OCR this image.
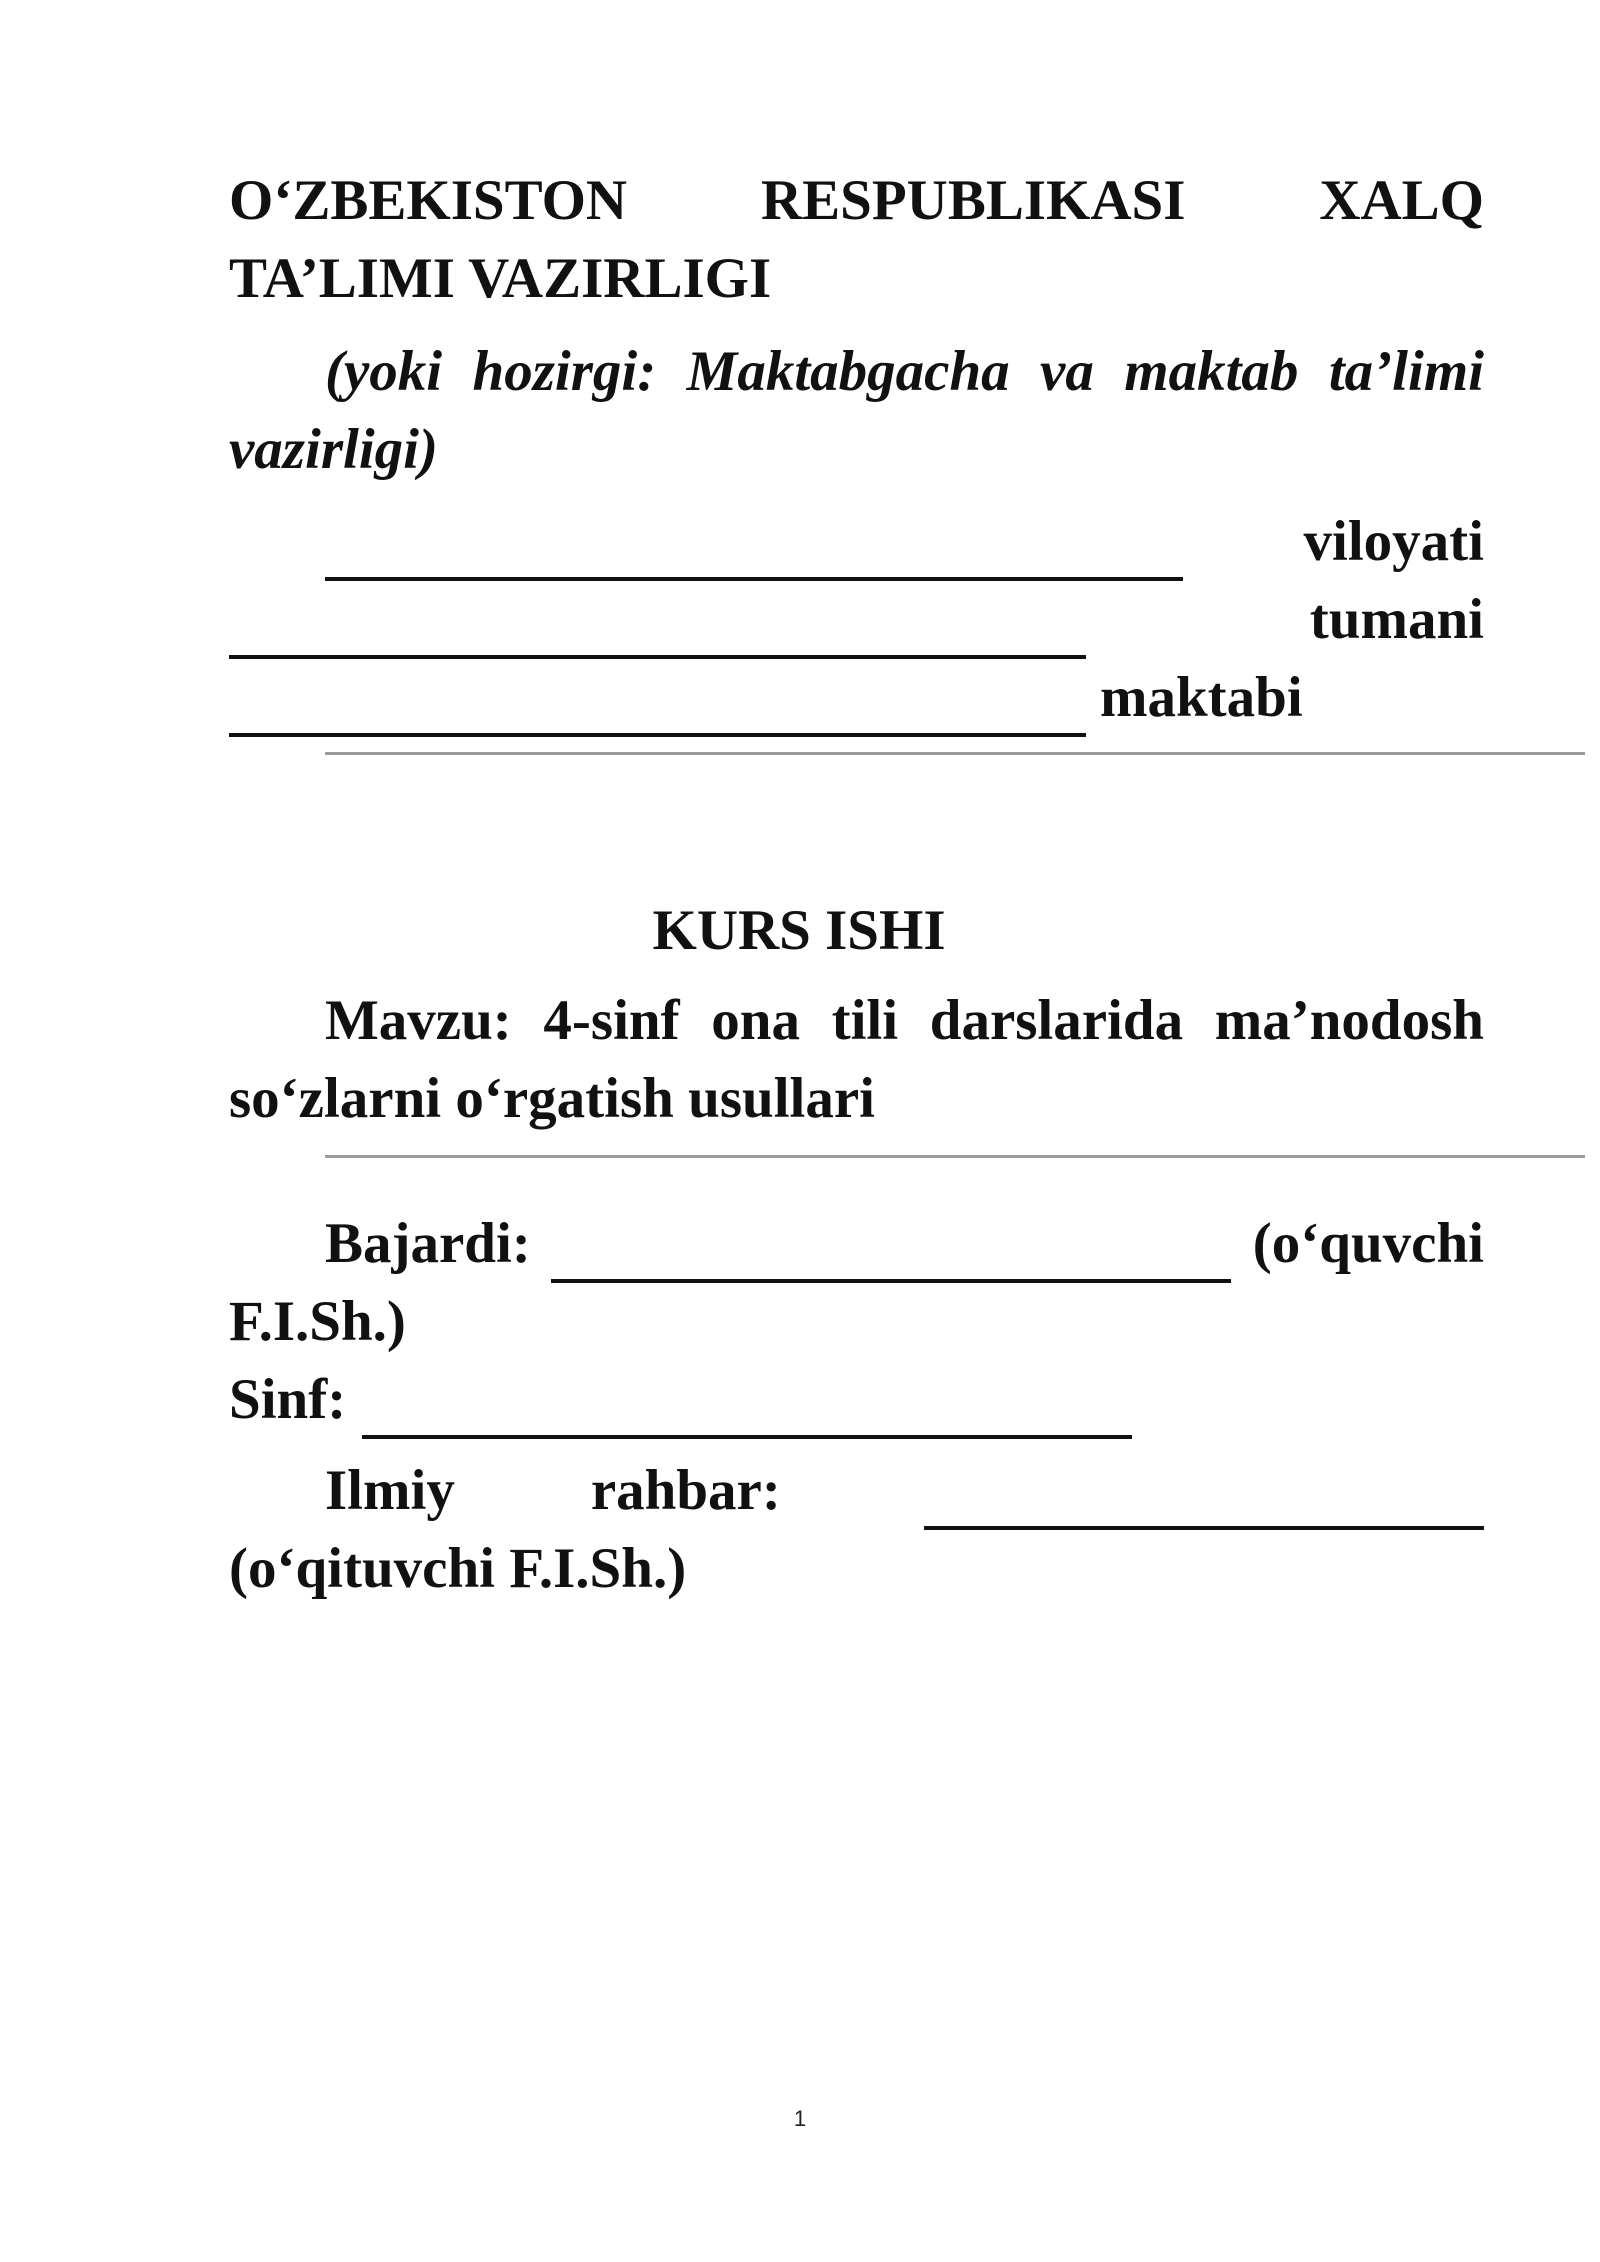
O‘ZBEKISTON RESPUBLIKASI XALQ
TA’LIMI VAZIRLIGI
(yoki hozirgi: Maktabgacha va maktab ta’limi
vazirligi)
viloyati
tumani
maktabi
KURS ISHI
Mavzu: 4-sinf ona tili darslarida ma’nodosh
so‘zlarni o‘rgatish usullari
Bajardi:	(o‘quvchi
F.I.Sh.)
Sinf:
Ilmiy rahbar:
(o‘qituvchi F.I.Sh.)
1
